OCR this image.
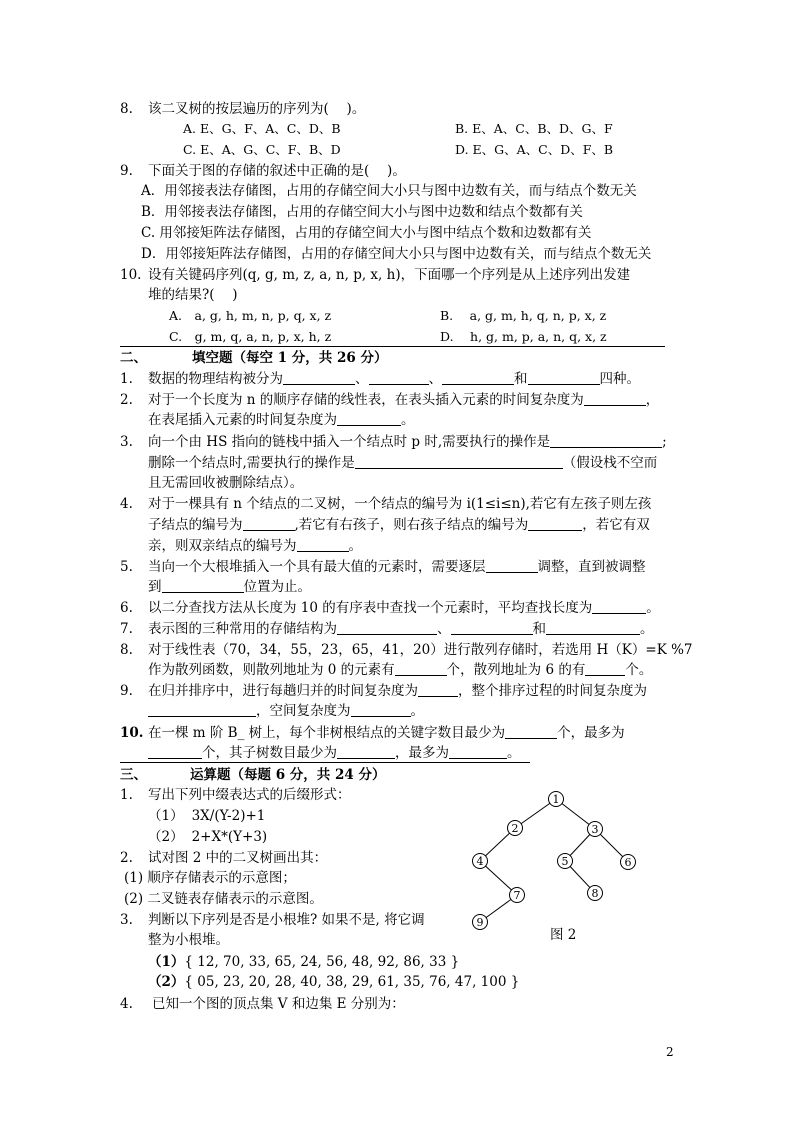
8. 该二叉树的按层遍历的序列为(　 )。
A. E、G、F、A、C、D、B	B. E、A、C、B、D、G、F
C. E、A、G、C、F、B、D	D. E、G、A、C、D、F、B
9. 下面关于图的存储的叙述中正确的是(　 )。
A．用邻接表法存储图，占用的存储空间大小只与图中边数有关，而与结点个数无关
B．用邻接表法存储图，占用的存储空间大小与图中边数和结点个数都有关
C. 用邻接矩阵法存储图，占用的存储空间大小与图中结点个数和边数都有关
D．用邻接矩阵法存储图，占用的存储空间大小只与图中边数有关，而与结点个数无关
10. 设有关键码序列(q, g, m, z, a, n, p, x, h)，下面哪一个序列是从上述序列出发建
堆的结果?(　 )
A.　a, g, h, m, n, p, q, x, z	B.　 a, g, m, h, q, n, p, x, z
C.　g, m, q, a, n, p, x, h, z	D.　 h, g, m, p, a, n, q, x, z
二、	填空题（每空 1 分，共 26 分）
1. 数据的物理结构被分为	、	、	和	四种。
2. 对于一个长度为 n 的顺序存储的线性表，在表头插入元素的时间复杂度为	，
在表尾插入元素的时间复杂度为	。
3. 向一个由 HS 指向的链栈中插入一个结点时 p 时,需要执行的操作是	;
删除一个结点时,需要执行的操作是	（假设栈不空而
且无需回收被删除结点）。
4. 对于一棵具有 n 个结点的二叉树，一个结点的编号为 i(1≤i≤n),若它有左孩子则左孩
子结点的编号为	,若它有右孩子，则右孩子结点的编号为	，若它有双
亲，则双亲结点的编号为	。
5. 当向一个大根堆插入一个具有最大值的元素时，需要逐层	调整，直到被调整
到	位置为止。
6. 以二分查找方法从长度为 10 的有序表中查找一个元素时，平均查找长度为	。
7. 表示图的三种常用的存储结构为	、	和	。
8. 对于线性表（70，34，55，23，65，41，20）进行散列存储时，若选用 H（K）=K %7
作为散列函数，则散列地址为 0 的元素有	个，散列地址为 6 的有	个。
9. 在归并排序中，进行每趟归并的时间复杂度为	，整个排序过程的时间复杂度为
，空间复杂度为	。
10. 在一棵 m 阶 B_ 树上，每个非树根结点的关键字数目最少为	个，最多为
个，其子树数目最少为	，最多为	。
三、	运算题（每题 6 分，共 24 分）
1. 写出下列中缀表达式的后缀形式：
（1） 3X/(Y-2)+1
（2） 2+X*(Y+3)
2. 试对图 2 中的二叉树画出其：
(1) 顺序存储表示的示意图；
(2) 二叉链表存储表示的示意图。
3. 判断以下序列是否是小根堆? 如果不是, 将它调
整为小根堆。
（1）{ 12, 70, 33, 65, 24, 56, 48, 92, 86, 33 }
（2）{ 05, 23, 20, 28, 40, 38, 29, 61, 35, 76, 47, 100 }
4. 已知一个图的顶点集 V 和边集 E 分别为：
1
2	3
4	5	6
7	8
9
图 2
2
